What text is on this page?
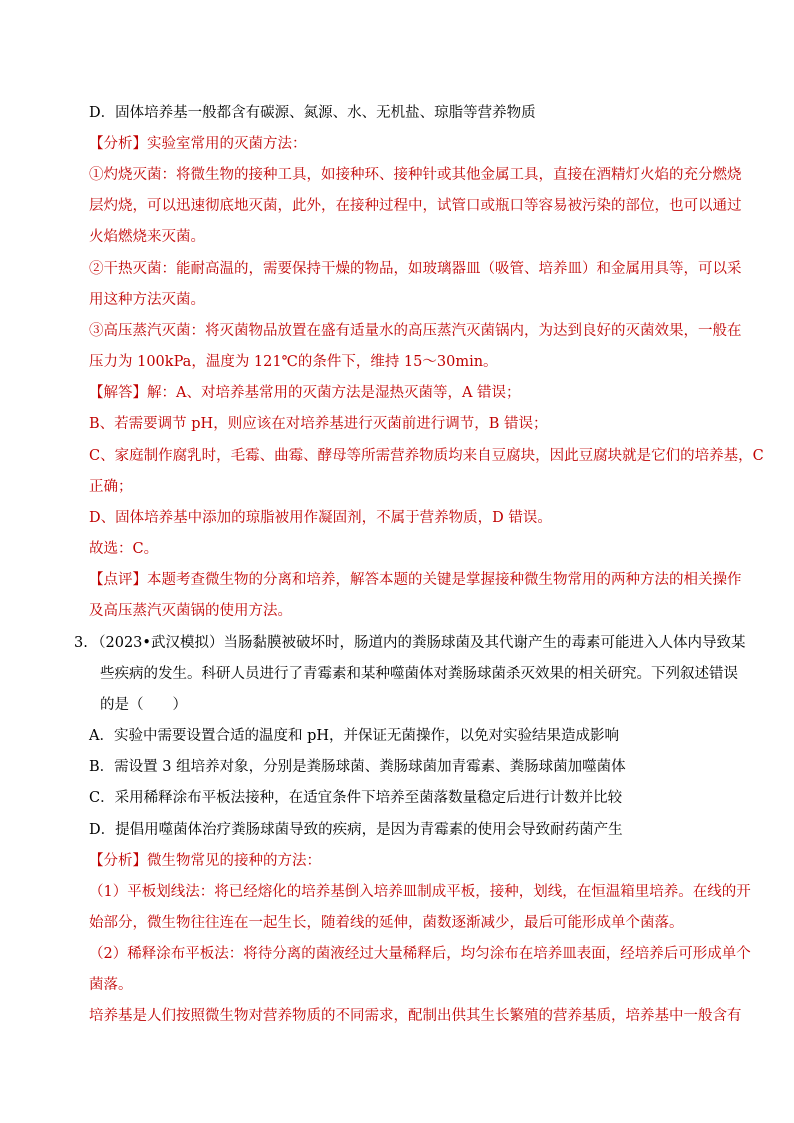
D．固体培养基一般都含有碳源、氮源、水、无机盐、琼脂等营养物质
【分析】实验室常用的灭菌方法：
①灼烧灭菌：将微生物的接种工具，如接种环、接种针或其他金属工具，直接在酒精灯火焰的充分燃烧
层灼烧，可以迅速彻底地灭菌，此外，在接种过程中，试管口或瓶口等容易被污染的部位，也可以通过
火焰燃烧来灭菌。
②干热灭菌：能耐高温的，需要保持干燥的物品，如玻璃器皿（吸管、培养皿）和金属用具等，可以采
用这种方法灭菌。
③高压蒸汽灭菌：将灭菌物品放置在盛有适量水的高压蒸汽灭菌锅内，为达到良好的灭菌效果，一般在
压力为 100kPa，温度为 121℃的条件下，维持 15～30min。
【解答】解：A、对培养基常用的灭菌方法是湿热灭菌等，A 错误；
B、若需要调节 pH，则应该在对培养基进行灭菌前进行调节，B 错误；
C、家庭制作腐乳时，毛霉、曲霉、酵母等所需营养物质均来自豆腐块，因此豆腐块就是它们的培养基，C
正确；
D、固体培养基中添加的琼脂被用作凝固剂，不属于营养物质，D 错误。
故选：C。
【点评】本题考查微生物的分离和培养，解答本题的关键是掌握接种微生物常用的两种方法的相关操作
及高压蒸汽灭菌锅的使用方法。
3. （2023•武汉模拟）当肠黏膜被破坏时，肠道内的粪肠球菌及其代谢产生的毒素可能进入人体内导致某
些疾病的发生。科研人员进行了青霉素和某种噬菌体对粪肠球菌杀灭效果的相关研究。下列叙述错误
的是（　　）
A．实验中需要设置合适的温度和 pH，并保证无菌操作，以免对实验结果造成影响
B．需设置 3 组培养对象，分别是粪肠球菌、粪肠球菌加青霉素、粪肠球菌加噬菌体
C．采用稀释涂布平板法接种，在适宜条件下培养至菌落数量稳定后进行计数并比较
D．提倡用噬菌体治疗粪肠球菌导致的疾病，是因为青霉素的使用会导致耐药菌产生
【分析】微生物常见的接种的方法：
（1）平板划线法：将已经熔化的培养基倒入培养皿制成平板，接种，划线，在恒温箱里培养。在线的开
始部分，微生物往往连在一起生长，随着线的延伸，菌数逐渐减少，最后可能形成单个菌落。
（2）稀释涂布平板法：将待分离的菌液经过大量稀释后，均匀涂布在培养皿表面，经培养后可形成单个
菌落。
培养基是人们按照微生物对营养物质的不同需求，配制出供其生长繁殖的营养基质，培养基中一般含有
